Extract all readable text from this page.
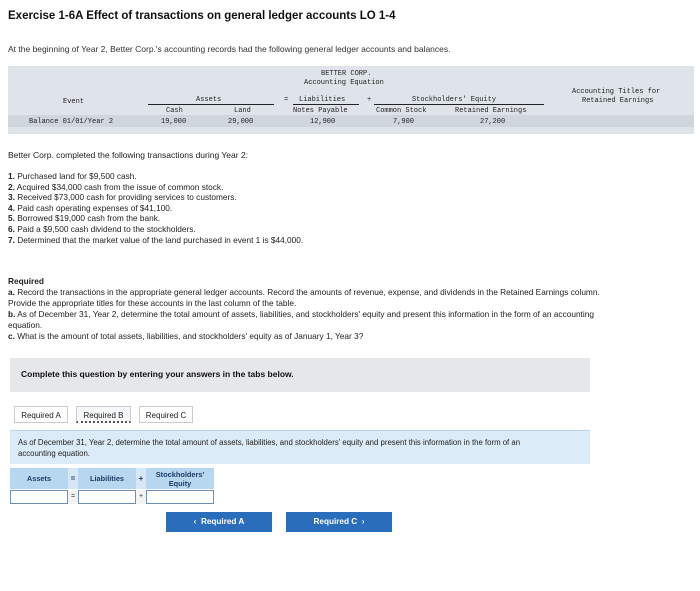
Exercise 1-6A Effect of transactions on general ledger accounts LO 1-4
At the beginning of Year 2, Better Corp.'s accounting records had the following general ledger accounts and balances.
BETTER CORP.
Accounting Equation
Event	Assets
Cash	Land
= Liabilities	+	Stockholders' Equity
Notes Payable	Common Stock	Retained Earnings
Accounting Titles for
Retained Earnings
Balance 01/01/Year 2	19,000	29,000	12,900	7,900	27,200
Better Corp. completed the following transactions during Year 2:
1. Purchased land for $9,500 cash.
2. Acquired $34,000 cash from the issue of common stock.
3. Received $73,000 cash for providing services to customers.
4. Paid cash operating expenses of $41,100.
5. Borrowed $19,000 cash from the bank.
6. Paid a $9,500 cash dividend to the stockholders.
7. Determined that the market value of the land purchased in event 1 is $44,000.
Required
a. Record the transactions in the appropriate general ledger accounts. Record the amounts of revenue, expense, and dividends in the Retained Earnings column. Provide the appropriate titles for these accounts in the last column of the table.
b. As of December 31, Year 2, determine the total amount of assets, liabilities, and stockholders' equity and present this information in the form of an accounting equation.
c. What is the amount of total assets, liabilities, and stockholders' equity as of January 1, Year 3?
Complete this question by entering your answers in the tabs below.
Required A	Required B	Required C
As of December 31, Year 2, determine the total amount of assets, liabilities, and stockholders' equity and present this information in the form of an accounting equation.
Assets	=	Liabilities	+	Stockholders'
Equity
=	+
‹ Required A	Required C ›
